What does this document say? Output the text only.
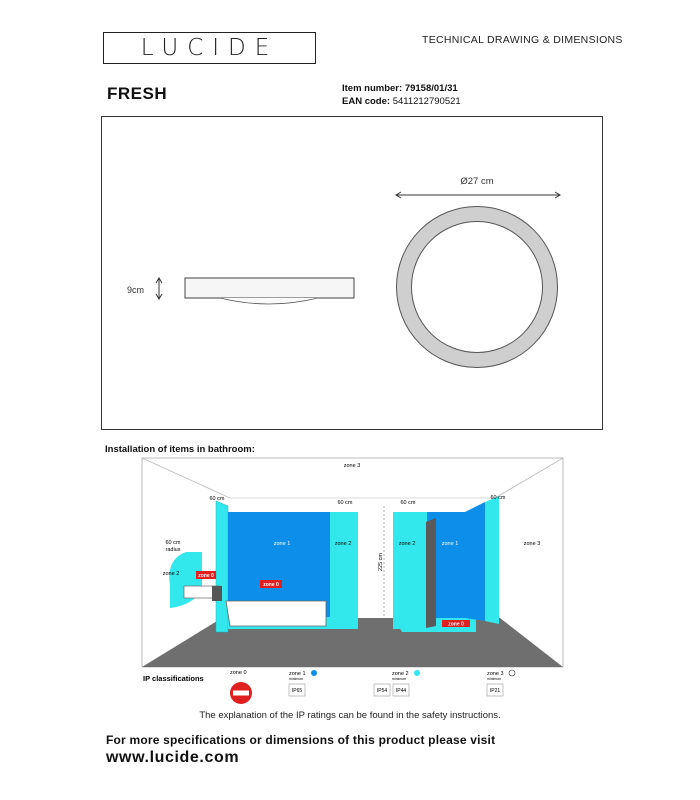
LUCIDE	TECHNICAL DRAWING & DIMENSIONS
FRESH	Item number: 79158/01/31
EAN code: 5411212790521
9cm
Ø27 cm
Installation of items in bathroom:
zone 0
zone 0
zone 0
zone 3
60 cm
60 cm	60 cm
60 cm
60 cm
radius
zone 2
zone 1	zone 2
225 cm
zone 2	zone 1	zone 3
IP classifications
zone 0	zone 1
minimum
IP65
zone 2
minimum
IP54 IP44
zone 3
minimum
IP21
The explanation of the IP ratings can be found in the safety instructions.
For more specifications or dimensions of this product please visit
www.lucide.com
